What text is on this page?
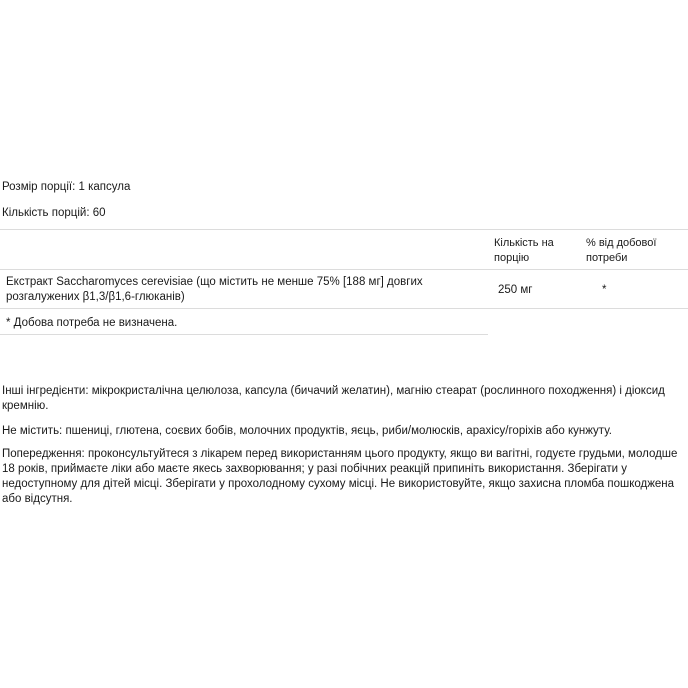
Розмір порції: 1 капсула
Кількість порцій: 60
Кількість на порцію
% від добової потреби
Екстракт Saccharomyces cerevisiae (що містить не менше 75% [188 мг] довгих розгалужених β1,3/β1,6-глюканів)
250 мг	*
* Добова потреба не визначена.
Інші інгредієнти: мікрокристалічна целюлоза, капсула (бичачий желатин), магнію стеарат (рослинного походження) і діоксид кремнію.
Не містить: пшениці, глютена, соєвих бобів, молочних продуктів, яєць, риби/молюсків, арахісу/горіхів або кунжуту.
Попередження: проконсультуйтеся з лікарем перед використанням цього продукту, якщо ви вагітні, годуєте грудьми, молодше 18 років, приймаєте ліки або маєте якесь захворювання; у разі побічних реакцій припиніть використання. Зберігати у недоступному для дітей місці. Зберігати у прохолодному сухому місці. Не використовуйте, якщо захисна пломба пошкоджена або відсутня.
